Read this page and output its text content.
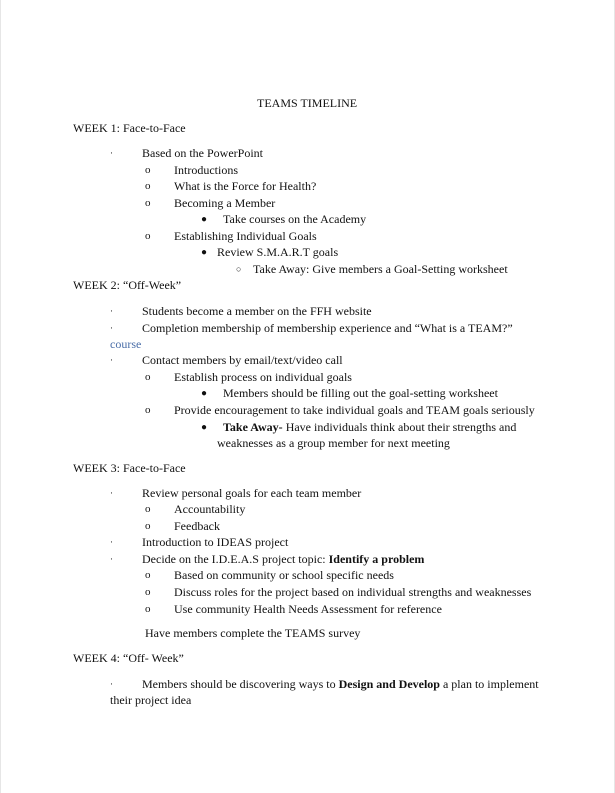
TEAMS TIMELINE
WEEK 1: Face-to-Face
· Based on the PowerPoint
o Introductions
o What is the Force for Health?
o Becoming a Member
● Take courses on the Academy
o Establishing Individual Goals
● Review S.M.A.R.T goals
○ Take Away: Give members a Goal-Setting worksheet
WEEK 2: “Off-Week”
· Students become a member on the FFH website
· Completion membership of membership experience and “What is a TEAM?”
course
· Contact members by email/text/video call
o Establish process on individual goals
● Members should be filling out the goal-setting worksheet
o Provide encouragement to take individual goals and TEAM goals seriously
● Take Away- Have individuals think about their strengths and
weaknesses as a group member for next meeting
WEEK 3: Face-to-Face
· Review personal goals for each team member
o Accountability
o Feedback
· Introduction to IDEAS project
· Decide on the I.D.E.A.S project topic: Identify a problem
o Based on community or school specific needs
o Discuss roles for the project based on individual strengths and weaknesses
o Use community Health Needs Assessment for reference
Have members complete the TEAMS survey
WEEK 4: “Off- Week”
· Members should be discovering ways to Design and Develop a plan to implement
their project idea
